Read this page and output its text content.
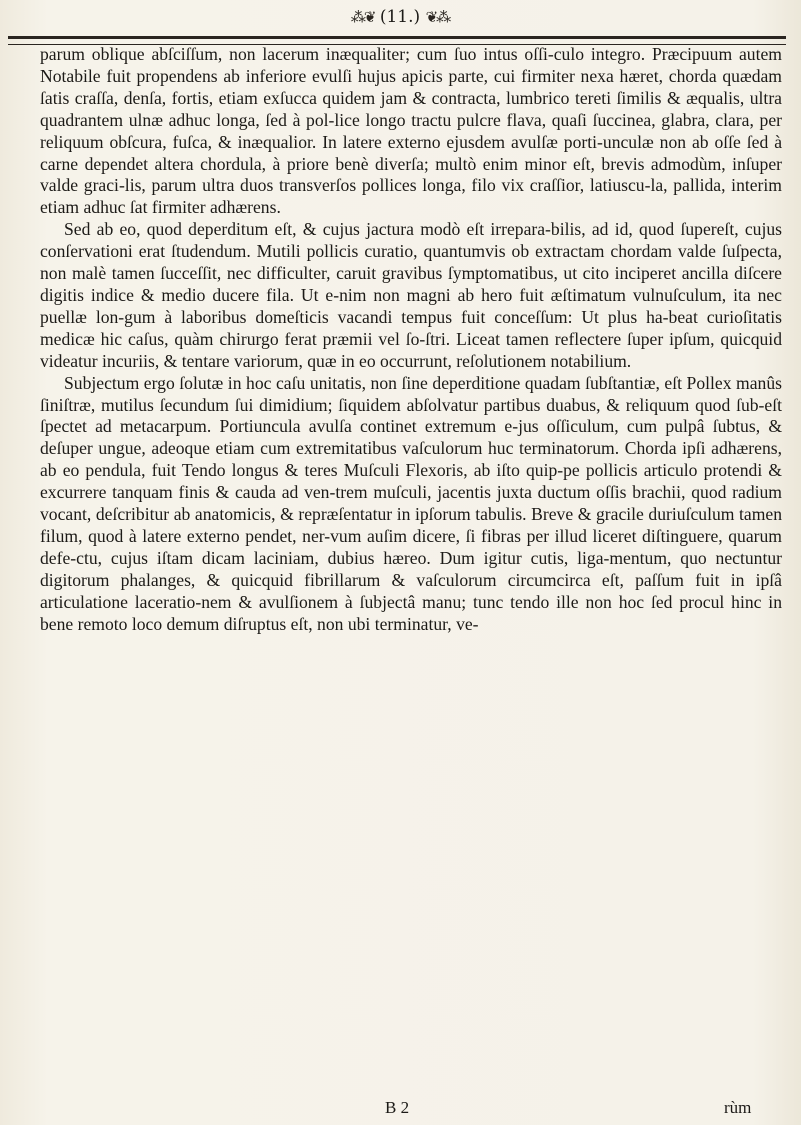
⁂❦ (11.) ❦⁂

parum oblique abſciſſum, non lacerum inæqualiter; cum ſuo intus oſſi-culo integro. Præcipuum autem Notabile fuit propendens ab inferiore evulſi hujus apicis parte, cui firmiter nexa hæret, chorda quædam ſatis craſſa, denſa, fortis, etiam exſucca quidem jam & contracta, lumbrico tereti ſimilis & æqualis, ultra quadrantem ulnæ adhuc longa, ſed à pol-lice longo tractu pulcre flava, quaſi ſuccinea, glabra, clara, per reliquum obſcura, fuſca, & inæqualior. In latere externo ejusdem avulſæ porti-unculæ non ab oſſe ſed à carne dependet altera chordula, à priore benè diverſa; multò enim minor eſt, brevis admodùm, inſuper valde graci-lis, parum ultra duos transverſos pollices longa, filo vix craſſior, latiuscu-la, pallida, interim etiam adhuc ſat firmiter adhærens.

Sed ab eo, quod deperditum eſt, & cujus jactura modò eſt irrepara-bilis, ad id, quod ſupereſt, cujus conſervationi erat ſtudendum. Mutili pollicis curatio, quantumvis ob extractam chordam valde ſuſpecta, non malè tamen ſucceſſit, nec difficulter, caruit gravibus ſymptomatibus, ut cito inciperet ancilla diſcere digitis indice & medio ducere fila. Ut e-nim non magni ab hero fuit æſtimatum vulnuſculum, ita nec puellæ lon-gum à laboribus domeſticis vacandi tempus fuit conceſſum: Ut plus ha-beat curioſitatis medicæ hic caſus, quàm chirurgo ferat præmii vel ſo-ſtri. Liceat tamen reflectere ſuper ipſum, quicquid videatur incuriis, & tentare variorum, quæ in eo occurrunt, reſolutionem notabilium.

Subjectum ergo ſolutæ in hoc caſu unitatis, non ſine deperditione quadam ſubſtantiæ, eſt Pollex manûs ſiniſtræ, mutilus ſecundum ſui dimidium; ſiquidem abſolvatur partibus duabus, & reliquum quod ſub-eſt ſpectet ad metacarpum. Portiuncula avulſa continet extremum e-jus oſſiculum, cum pulpâ ſubtus, & deſuper ungue, adeoque etiam cum extremitatibus vaſculorum huc terminatorum. Chorda ipſi adhærens, ab eo pendula, fuit Tendo longus & teres Muſculi Flexoris, ab iſto quip-pe pollicis articulo protendi & excurrere tanquam finis & cauda ad ven-trem muſculi, jacentis juxta ductum oſſis brachii, quod radium vocant, deſcribitur ab anatomicis, & repræſentatur in ipſorum tabulis. Breve & gracile duriuſculum tamen filum, quod à latere externo pendet, ner-vum auſim dicere, ſi fibras per illud liceret diſtinguere, quarum defe-ctu, cujus iſtam dicam laciniam, dubius hæreo. Dum igitur cutis, liga-mentum, quo nectuntur digitorum phalanges, & quicquid fibrillarum & vaſculorum circumcirca eſt, paſſum fuit in ipſâ articulatione laceratio-nem & avulſionem à ſubjectâ manu; tunc tendo ille non hoc ſed procul hinc in bene remoto loco demum diſruptus eſt, non ubi terminatur, ve-

B 2	rùm
